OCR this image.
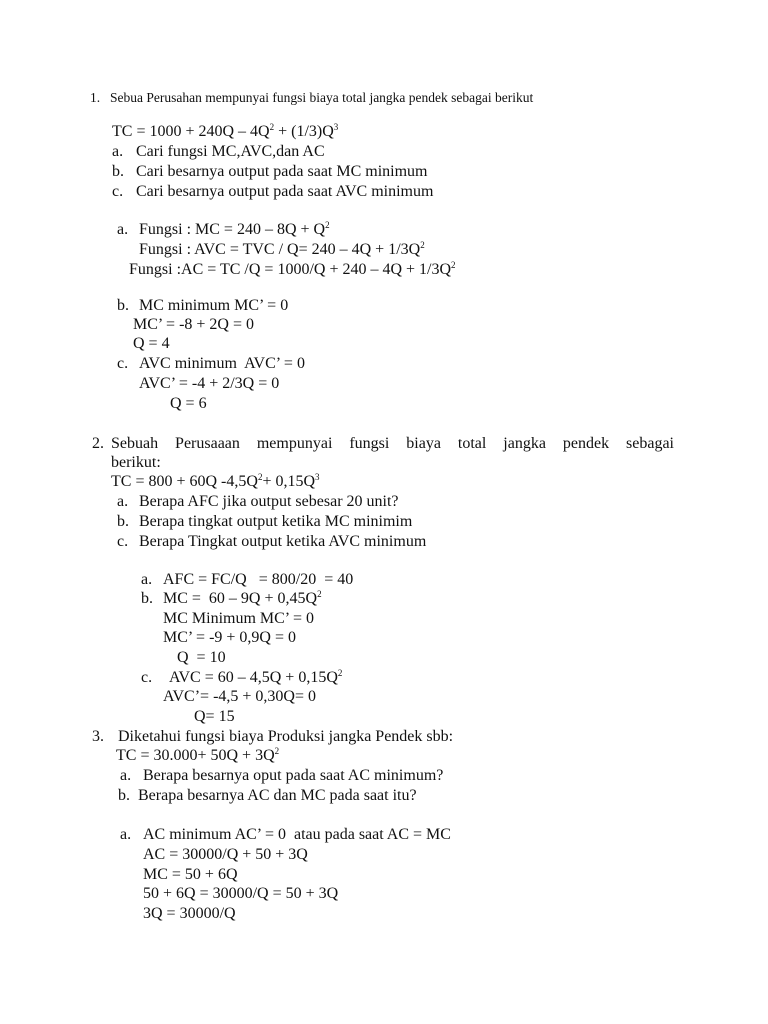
1. Sebua Perusahan mempunyai fungsi biaya total jangka pendek sebagai berikut
TC = $1000 + 240Q - 4Q^2 + (1/3)Q^3$
a. Cari fungsi MC,AVC,dan AC
b. Cari besarnya output pada saat MC minimum
c. Cari besarnya output pada saat AVC minimum
a. Fungsi : MC = $240 - 8Q + Q^2$
Fungsi : AVC = TVC / $Q= 240 - 4Q + 1/3Q^2$
Fungsi :AC = TC $/Q = 1000/Q + 240 - 4Q + 1/3Q^2$
b. MC minimum MC’ = 0
MC’ = -8 + 2Q = 0
Q = 4
c. AVC minimum  AVC’ = 0
AVC’ = -4 + 2/3Q = 0
Q = 6
2. Sebuah Perusaaan mempunyai fungsi biaya total jangka pendek sebagai
berikut:
TC = 800 + 60Q $-4,5Q^2+ 0,15Q^3$
a. Berapa AFC jika output sebesar 20 unit?
b. Berapa tingkat output ketika MC minimim
c. Berapa Tingkat output ketika AVC minimum
a. AFC = FC/Q   = 800/20  = 40
b. MC =  $60 - 9Q + 0,45Q^2$
MC Minimum MC’ = 0
MC’ = -9 + 0,9Q = 0
Q  = 10
c. AVC = $60 - 4,5Q + 0,15Q^2$
AVC’= -4,5 + 0,30Q= 0
Q= 15
3. Diketahui fungsi biaya Produksi jangka Pendek sbb:
TC = $30.000+ 50Q + 3Q^2$
a. Berapa besarnya oput pada saat AC minimum?
b. Berapa besarnya AC dan MC pada saat itu?
a. AC minimum AC’ = 0  atau pada saat AC = MC
AC = 30000/Q + 50 + 3Q
MC = 50 + 6Q
50 + 6Q = 30000/Q = 50 + 3Q
3Q = 30000/Q
